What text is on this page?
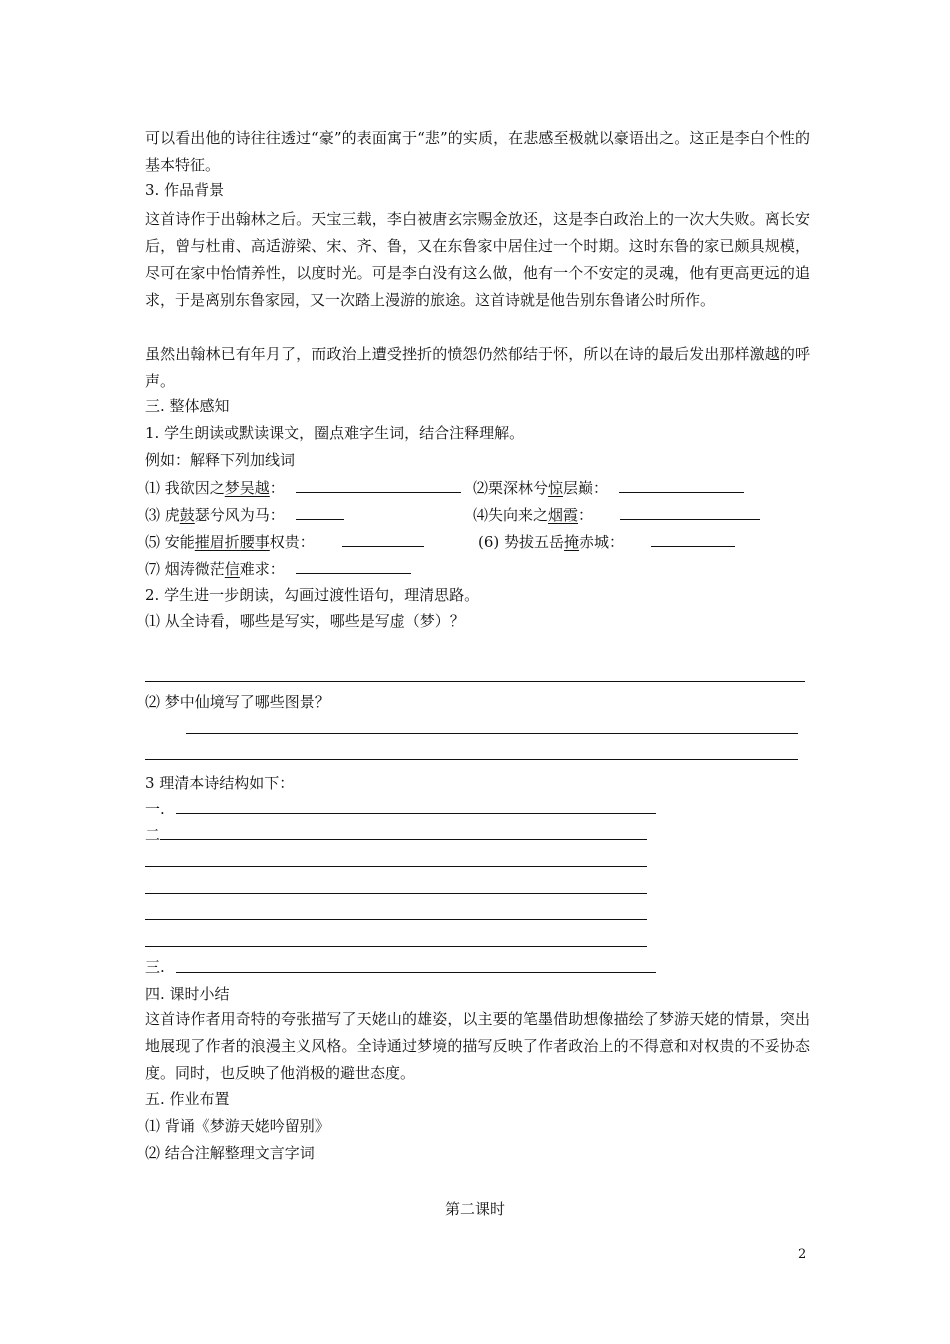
可以看出他的诗往往透过“豪”的表面寓于“悲”的实质，在悲感至极就以豪语出之。这正是李白个性的基本特征。
3. 作品背景
这首诗作于出翰林之后。天宝三载，李白被唐玄宗赐金放还，这是李白政治上的一次大失败。离长安后，曾与杜甫、高适游梁、宋、齐、鲁，又在东鲁家中居住过一个时期。这时东鲁的家已颇具规模，尽可在家中怡情养性，以度时光。可是李白没有这么做，他有一个不安定的灵魂，他有更高更远的追求，于是离别东鲁家园，又一次踏上漫游的旅途。这首诗就是他告别东鲁诸公时所作。
虽然出翰林已有年月了，而政治上遭受挫折的愤怨仍然郁结于怀，所以在诗的最后发出那样激越的呼声。
三. 整体感知
1. 学生朗读或默读课文，圈点难字生词，结合注释理解。
例如：解释下列加线词
⑴ 我欲因之梦吴越：	⑵栗深林兮惊层巅：
⑶ 虎鼓瑟兮风为马：	⑷失向来之烟霞：
⑸ 安能摧眉折腰事权贵：	(6) 势拔五岳掩赤城：
⑺ 烟涛微茫信难求：
2. 学生进一步朗读，勾画过渡性语句，理清思路。
⑴ 从全诗看，哪些是写实，哪些是写虚（梦）？
⑵ 梦中仙境写了哪些图景？
3 理清本诗结构如下：
一.
二
三.
四. 课时小结
这首诗作者用奇特的夸张描写了天姥山的雄姿，以主要的笔墨借助想像描绘了梦游天姥的情景，突出地展现了作者的浪漫主义风格。全诗通过梦境的描写反映了作者政治上的不得意和对权贵的不妥协态度。同时，也反映了他消极的避世态度。
五. 作业布置
⑴ 背诵《梦游天姥吟留别》
⑵ 结合注解整理文言字词
第二课时
2
